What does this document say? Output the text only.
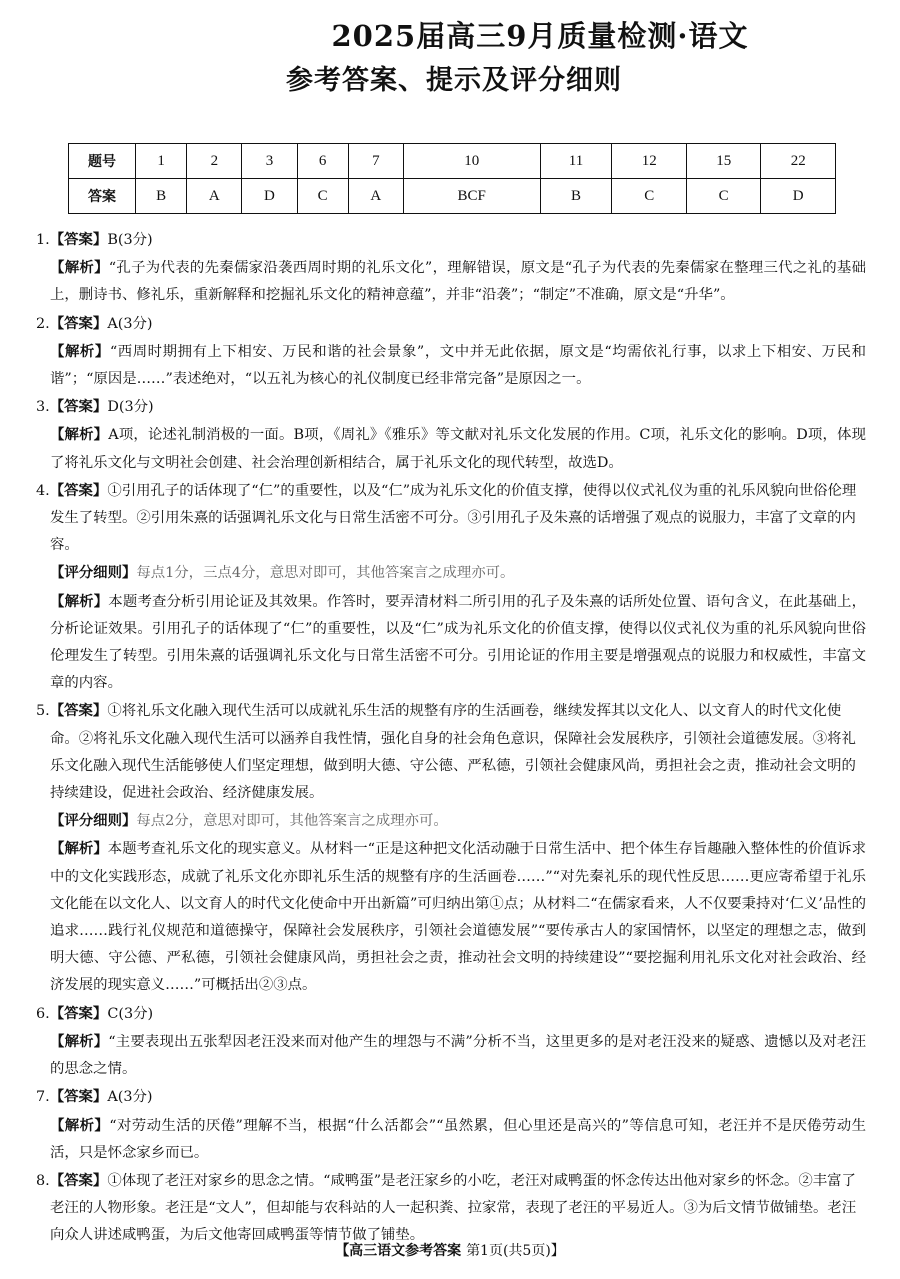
2025届高三9月质量检测·语文
参考答案、提示及评分细则
题号	1	2	3	6	7	10	11	12	15	22
答案	B	A	D	C	A	BCF	B	C	C	D

1.【答案】B(3分)

【解析】“孔子为代表的先秦儒家沿袭西周时期的礼乐文化”，理解错误，原文是“孔子为代表的先秦儒家在整理三代之礼的基础上，删诗书、修礼乐，重新解释和挖掘礼乐文化的精神意蕴”，并非“沿袭”；“制定”不准确，原文是“升华”。

2.【答案】A(3分)

【解析】“西周时期拥有上下相安、万民和谐的社会景象”，文中并无此依据，原文是“均需依礼行事，以求上下相安、万民和谐”；“原因是……”表述绝对，“以五礼为核心的礼仪制度已经非常完备”是原因之一。

3.【答案】D(3分)

【解析】A项，论述礼制消极的一面。B项，《周礼》《雅乐》等文献对礼乐文化发展的作用。C项，礼乐文化的影响。D项，体现了将礼乐文化与文明社会创建、社会治理创新相结合，属于礼乐文化的现代转型，故选D。

4.【答案】①引用孔子的话体现了“仁”的重要性，以及“仁”成为礼乐文化的价值支撑，使得以仪式礼仪为重的礼乐风貌向世俗伦理发生了转型。②引用朱熹的话强调礼乐文化与日常生活密不可分。③引用孔子及朱熹的话增强了观点的说服力，丰富了文章的内容。

【评分细则】每点1分，三点4分，意思对即可，其他答案言之成理亦可。

【解析】本题考查分析引用论证及其效果。作答时，要弄清材料二所引用的孔子及朱熹的话所处位置、语句含义，在此基础上，分析论证效果。引用孔子的话体现了“仁”的重要性，以及“仁”成为礼乐文化的价值支撑，使得以仪式礼仪为重的礼乐风貌向世俗伦理发生了转型。引用朱熹的话强调礼乐文化与日常生活密不可分。引用论证的作用主要是增强观点的说服力和权威性，丰富文章的内容。

5.【答案】①将礼乐文化融入现代生活可以成就礼乐生活的规整有序的生活画卷，继续发挥其以文化人、以文育人的时代文化使命。②将礼乐文化融入现代生活可以涵养自我性情，强化自身的社会角色意识，保障社会发展秩序，引领社会道德发展。③将礼乐文化融入现代生活能够使人们坚定理想，做到明大德、守公德、严私德，引领社会健康风尚，勇担社会之责，推动社会文明的持续建设，促进社会政治、经济健康发展。

【评分细则】每点2分，意思对即可，其他答案言之成理亦可。

【解析】本题考查礼乐文化的现实意义。从材料一“正是这种把文化活动融于日常生活中、把个体生存旨趣融入整体性的价值诉求中的文化实践形态，成就了礼乐文化亦即礼乐生活的规整有序的生活画卷……”“对先秦礼乐的现代性反思……更应寄希望于礼乐文化能在以文化人、以文育人的时代文化使命中开出新篇”可归纳出第①点；从材料二“在儒家看来，人不仅要秉持对‘仁义’品性的追求……践行礼仪规范和道德操守，保障社会发展秩序，引领社会道德发展”“要传承古人的家国情怀，以坚定的理想之志，做到明大德、守公德、严私德，引领社会健康风尚，勇担社会之责，推动社会文明的持续建设”“要挖掘利用礼乐文化对社会政治、经济发展的现实意义……”可概括出②③点。

6.【答案】C(3分)

【解析】“主要表现出五张犁因老汪没来而对他产生的埋怨与不满”分析不当，这里更多的是对老汪没来的疑惑、遗憾以及对老汪的思念之情。

7.【答案】A(3分)

【解析】“对劳动生活的厌倦”理解不当，根据“什么活都会”“虽然累，但心里还是高兴的”等信息可知，老汪并不是厌倦劳动生活，只是怀念家乡而已。

8.【答案】①体现了老汪对家乡的思念之情。“咸鸭蛋”是老汪家乡的小吃，老汪对咸鸭蛋的怀念传达出他对家乡的怀念。②丰富了老汪的人物形象。老汪是“文人”，但却能与农科站的人一起积粪、拉家常，表现了老汪的平易近人。③为后文情节做铺垫。老汪向众人讲述咸鸭蛋，为后文他寄回咸鸭蛋等情节做了铺垫。

【高三语文参考答案 第1页(共5页)】
